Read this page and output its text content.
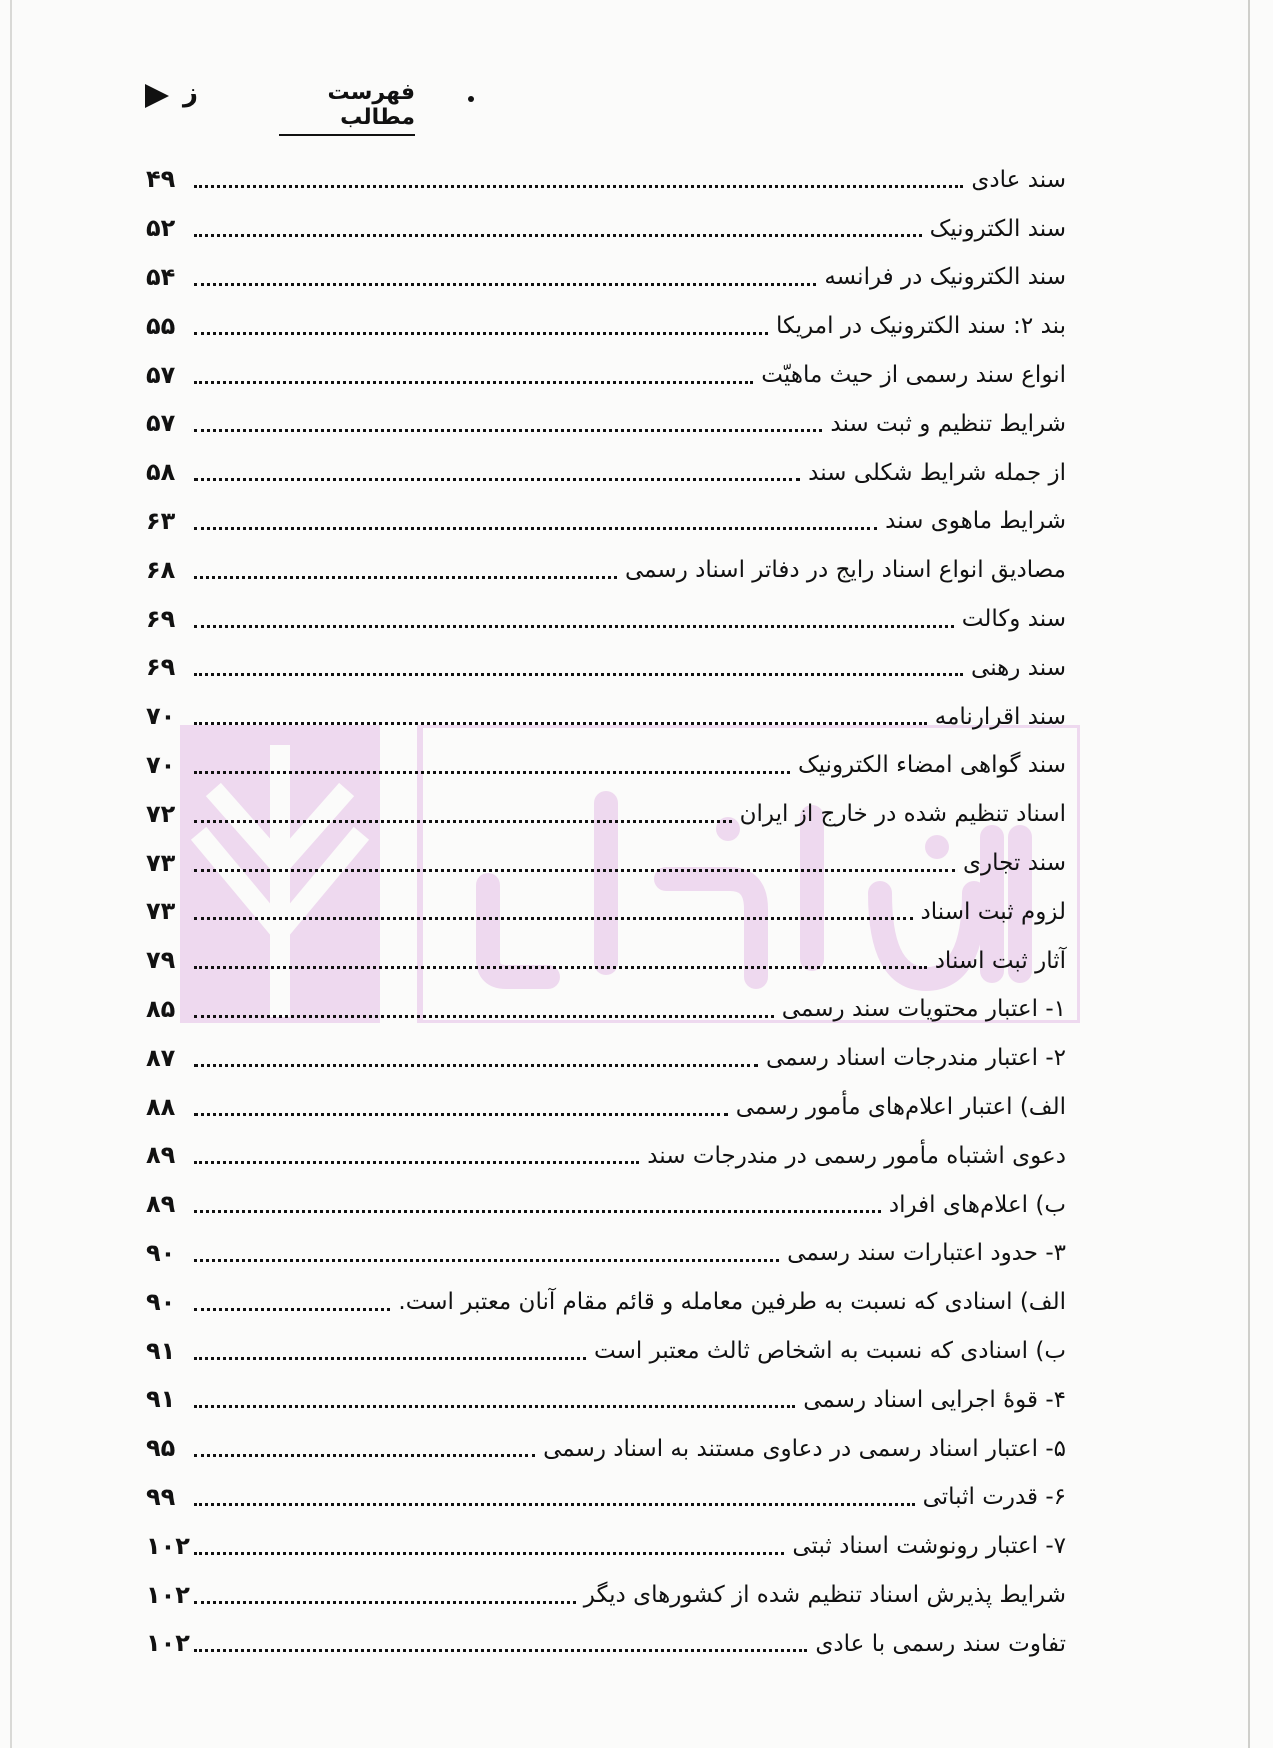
فهرست مطالب
ز
سند عادی
۴۹
سند الکترونیک
۵۲
سند الکترونیک در فرانسه
۵۴
بند ۲: سند الکترونیک در امریکا
۵۵
انواع سند رسمی از حیث ماهیّت
۵۷
شرایط تنظیم و ثبت سند
۵۷
از جمله شرایط شکلی سند
۵۸
شرایط ماهوی سند
۶۳
مصادیق انواع اسناد رایج در دفاتر اسناد رسمی
۶۸
سند وکالت
۶۹
سند رهنی
۶۹
سند اقرارنامه
۷۰
سند گواهی امضاء الکترونیک
۷۰
اسناد تنظیم شده در خارج از ایران
۷۲
سند تجاری
۷۳
لزوم ثبت اسناد
۷۳
آثار ثبت اسناد
۷۹
۱- اعتبار محتویات سند رسمی
۸۵
۲- اعتبار مندرجات اسناد رسمی
۸۷
الف) اعتبار اعلام‌های مأمور رسمی
۸۸
دعوی اشتباه مأمور رسمی در مندرجات سند
۸۹
ب) اعلام‌های افراد
۸۹
۳- حدود اعتبارات سند رسمی
۹۰
الف) اسنادی که نسبت به طرفین معامله و قائم مقام آنان معتبر است.
۹۰
ب) اسنادی که نسبت به اشخاص ثالث معتبر است
۹۱
۴- قوۀ اجرایی اسناد رسمی
۹۱
۵- اعتبار اسناد رسمی در دعاوی مستند به اسناد رسمی
۹۵
۶- قدرت اثباتی
۹۹
۷- اعتبار رونوشت اسناد ثبتی
۱۰۲
شرایط پذیرش اسناد تنظیم شده از کشورهای دیگر
۱۰۲
تفاوت سند رسمی با عادی
۱۰۲
